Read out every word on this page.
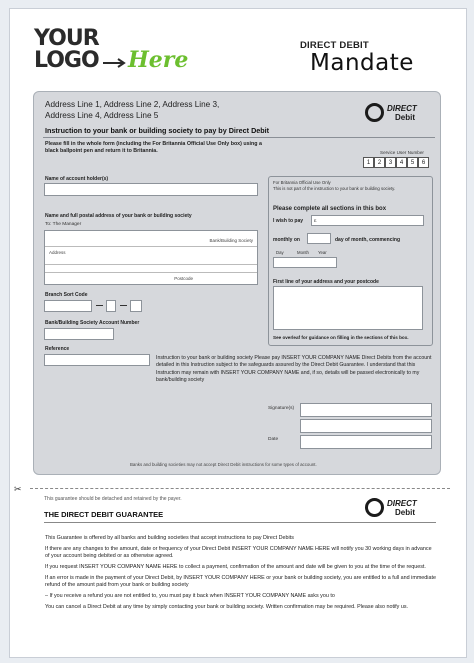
YOUR
LOGO Here
DIRECT DEBIT
Mandate
Address Line 1, Address Line 2, Address Line 3,
Address Line 4, Address Line 5
DIRECT
Debit
Instruction to your bank or building society to pay by Direct Debit
Please fill in the whole form (including the For Britannia Official Use Only box) using a black ballpoint pen and return it to Britannia.	Service User Number
1	2	3	4	5	6
Name of account holder(s)
Name and full postal address of your bank or building society
To: The Manager
Bank/Building Society
Address
Postcode
Branch Sort Code
Bank/Building Society Account Number
Reference
For Britannia Official Use Only
This is not part of the instruction to your bank or building society.
Please complete all sections in this box
I wish to pay £
monthly on	day of month, commencing
Day	Month Year
First line of your address and your postcode
See overleaf for guidance on filling in the sections of this box.
Instruction to your bank or building society Please pay INSERT YOUR COMPANY NAME Direct Debits from the account detailed in this Instruction subject to the safeguards assured by the Direct Debit Guarantee. I understand that this Instruction may remain with INSERT YOUR COMPANY NAME and, if so, details will be passed electronically to my bank/building society
Signature(s)
Date
Banks and building societies may not accept Direct Debit instructions for some types of account.
✂
This guarantee should be detached and retained by the payer.
THE DIRECT DEBIT GUARANTEE
DIRECT
Debit

This Guarantee is offered by all banks and building societies that accept instructions to pay Direct Debits

If there are any changes to the amount, date or frequency of your Direct Debit INSERT YOUR COMPANY NAME HERE will notify you 30 working days in advance of your account being debited or as otherwise agreed.

If you request INSERT YOUR COMPANY NAME HERE to collect a payment, confirmation of the amount and date will be given to you at the time of the request.

If an error is made in the payment of your Direct Debit, by INSERT YOUR COMPANY HERE or your bank or building society, you are entitled to a full and immediate refund of the amount paid from your bank or building society

– If you receive a refund you are not entitled to, you must pay it back when INSERT YOUR COMPANY NAME asks you to

You can cancel a Direct Debit at any time by simply contacting your bank or building society. Written confirmation may be required. Please also notify us.
